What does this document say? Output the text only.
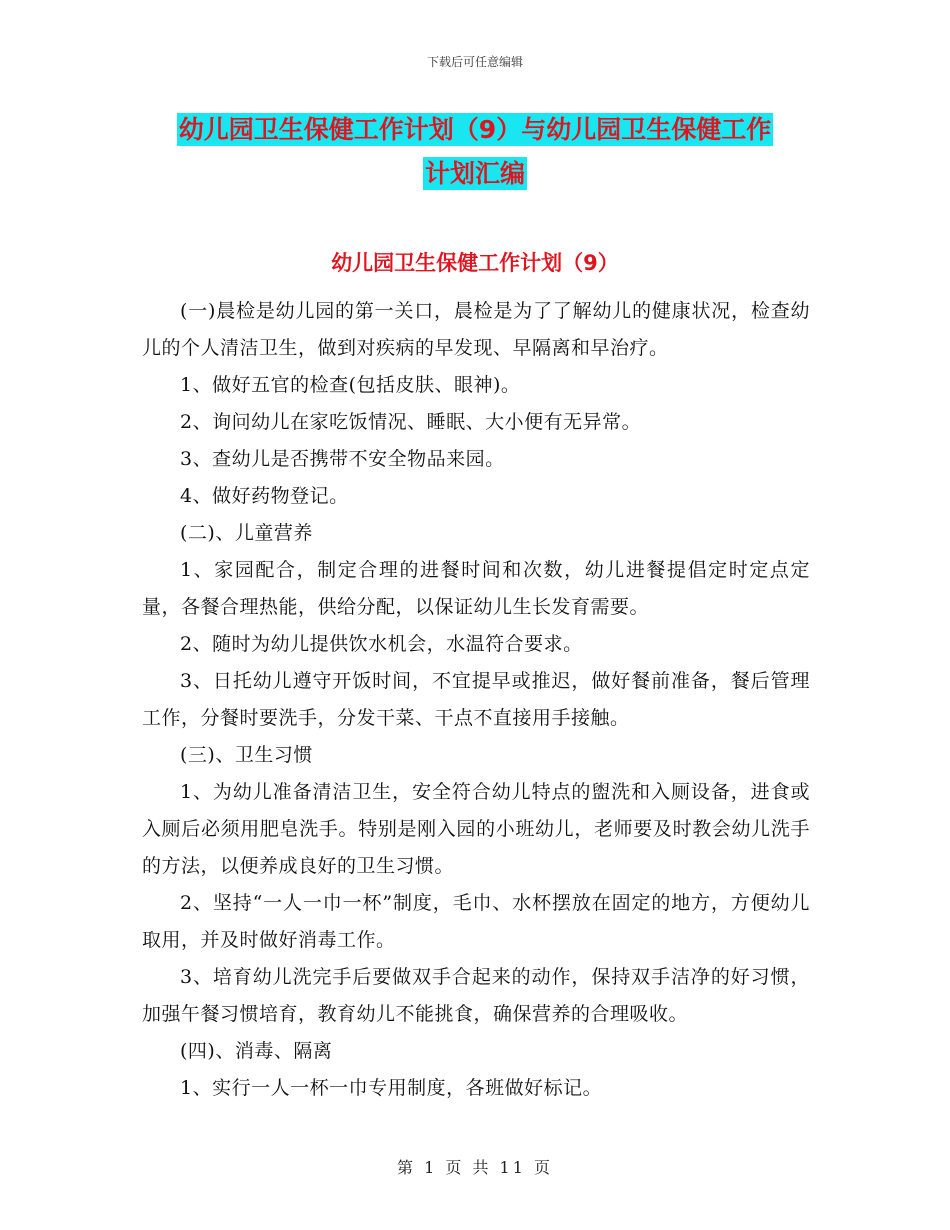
下载后可任意编辑
幼儿园卫生保健工作计划（9）与幼儿园卫生保健工作
计划汇编
幼儿园卫生保健工作计划（9）

(一)晨检是幼儿园的第一关口，晨检是为了了解幼儿的健康状况，检查幼儿的个人清洁卫生，做到对疾病的早发现、早隔离和早治疗。

1、做好五官的检查(包括皮肤、眼神)。

2、询问幼儿在家吃饭情况、睡眠、大小便有无异常。

3、查幼儿是否携带不安全物品来园。

4、做好药物登记。

(二)、儿童营养

1、家园配合，制定合理的进餐时间和次数，幼儿进餐提倡定时定点定量，各餐合理热能，供给分配，以保证幼儿生长发育需要。

2、随时为幼儿提供饮水机会，水温符合要求。

3、日托幼儿遵守开饭时间，不宜提早或推迟，做好餐前准备，餐后管理工作，分餐时要洗手，分发干菜、干点不直接用手接触。

(三)、卫生习惯

1、为幼儿准备清洁卫生，安全符合幼儿特点的盥洗和入厕设备，进食或入厕后必须用肥皂洗手。特别是刚入园的小班幼儿，老师要及时教会幼儿洗手的方法，以便养成良好的卫生习惯。

2、坚持“一人一巾一杯”制度，毛巾、水杯摆放在固定的地方，方便幼儿取用，并及时做好消毒工作。

3、培育幼儿洗完手后要做双手合起来的动作，保持双手洁净的好习惯，加强午餐习惯培育，教育幼儿不能挑食，确保营养的合理吸收。

(四)、消毒、隔离

1、实行一人一杯一巾专用制度，各班做好标记。

第 1 页 共 11 页
